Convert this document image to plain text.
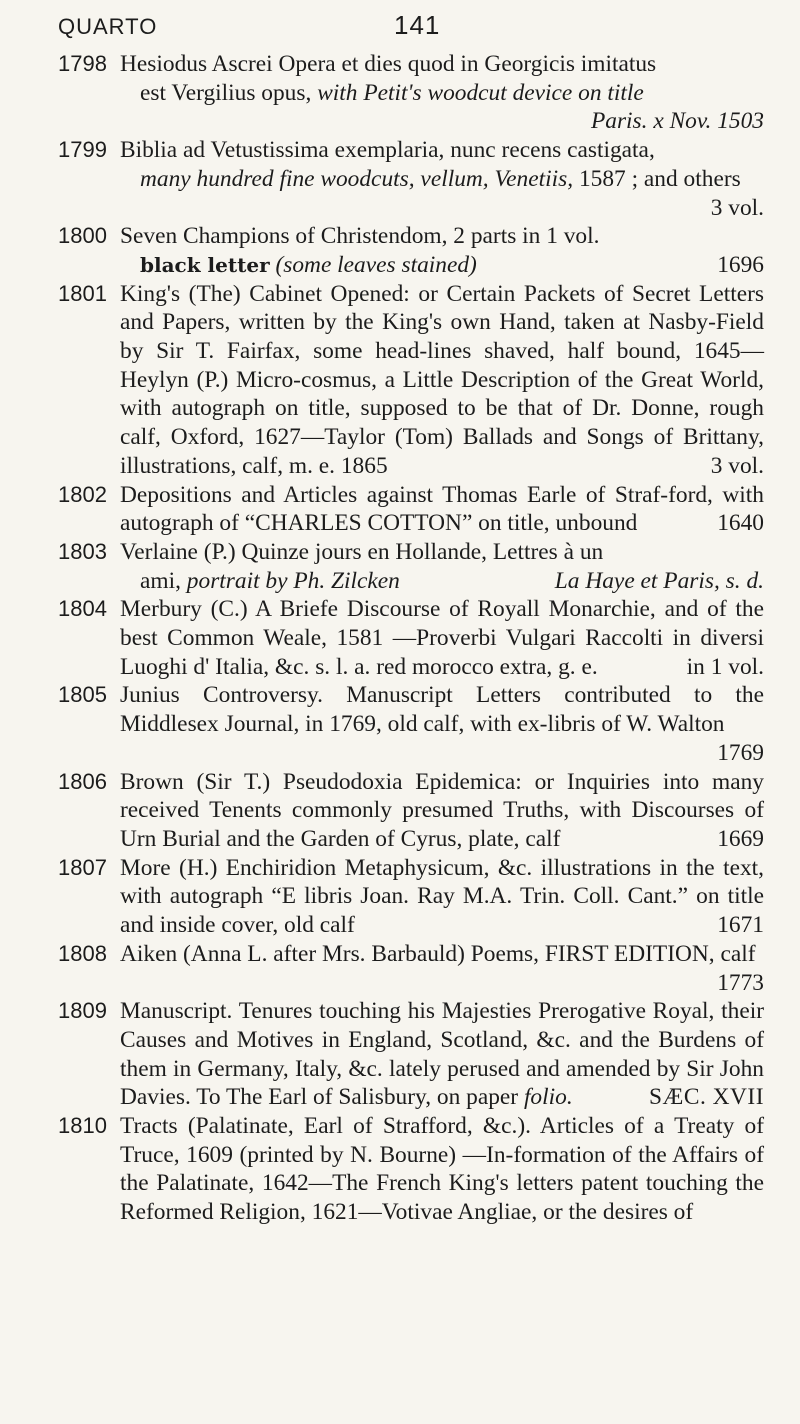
QUARTO	141
1798 Hesiodus Ascrei Opera et dies quod in Georgicis imitatus

est Vergilius opus, with Petit's woodcut device on title

Paris. x Nov. 1503

1799 Biblia ad Vetustissima exemplaria, nunc recens castigata,

many hundred fine woodcuts, vellum, Venetiis, 1587 ; and others
3 vol.

1800 Seven Champions of Christendom, 2 parts in 1 vol.

black letter (some leaves stained)	1696

1801 King's (The) Cabinet Opened: or Certain Packets of Secret Letters and Papers, written by the King's own Hand, taken at Nasby-Field by Sir T. Fairfax, some head-lines shaved, half bound, 1645—Heylyn (P.) Micro-cosmus, a Little Description of the Great World, with autograph on title, supposed to be that of Dr. Donne, rough calf, Oxford, 1627—Taylor (Tom) Ballads and Songs of Brittany, illustrations, calf, m. e. 1865	3 vol.

1802 Depositions and Articles against Thomas Earle of Straf-ford, with autograph of “CHARLES COTTON” on title, unbound	1640

1803 Verlaine (P.) Quinze jours en Hollande, Lettres à un

ami, portrait by Ph. Zilcken	La Haye et Paris, s. d.

1804 Merbury (C.) A Briefe Discourse of Royall Monarchie, and of the best Common Weale, 1581 —Proverbi Vulgari Raccolti in diversi Luoghi d' Italia, &c. s. l. a. red morocco extra, g. e.	in 1 vol.

1805 Junius Controversy. Manuscript Letters contributed to the Middlesex Journal, in 1769, old calf, with ex-libris of W. Walton
1769

1806 Brown (Sir T.) Pseudodoxia Epidemica: or Inquiries into many received Tenents commonly presumed Truths, with Discourses of Urn Burial and the Garden of Cyrus, plate, calf	1669

1807 More (H.) Enchiridion Metaphysicum, &c. illustrations in the text, with autograph “E libris Joan. Ray M.A. Trin. Coll. Cant.” on title and inside cover, old calf	1671

1808 Aiken (Anna L. after Mrs. Barbauld) Poems, FIRST EDITION, calf
1773

1809 Manuscript. Tenures touching his Majesties Prerogative Royal, their Causes and Motives in England, Scotland, &c. and the Burdens of them in Germany, Italy, &c. lately perused and amended by Sir John Davies. To The Earl of Salisbury, on paper folio.	SÆC. XVII

1810 Tracts (Palatinate, Earl of Strafford, &c.). Articles of a Treaty of Truce, 1609 (printed by N. Bourne) —In-formation of the Affairs of the Palatinate, 1642—The French King's letters patent touching the Reformed Religion, 1621—Votivae Angliae, or the desires of
